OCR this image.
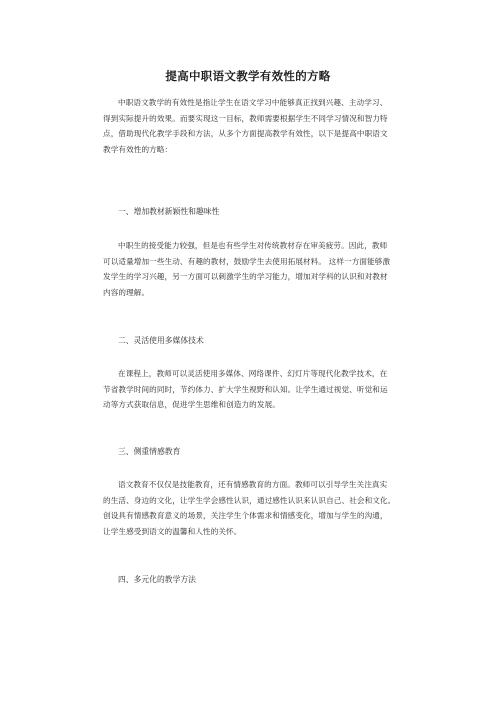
提高中职语文教学有效性的方略
中职语文教学的有效性是指让学生在语文学习中能够真正找到兴趣、主动学习、
得到实际提升的效果。而要实现这一目标，教师需要根据学生不同学习情况和智力特
点，借助现代化教学手段和方法，从多个方面提高教学有效性，以下是提高中职语文
教学有效性的方略：
一、增加教材新颖性和趣味性
中职生的接受能力较强，但是也有些学生对传统教材存在审美疲劳。因此，教师
可以适量增加一些生动、有趣的教材，鼓励学生去使用拓展材料。 这样一方面能够激
发学生的学习兴趣，另一方面可以刺激学生的学习能力，增加对学科的认识和对教材
内容的理解。
二、灵活使用多媒体技术
在课程上，教师可以灵活使用多媒体、网络课件、幻灯片等现代化教学技术，在
节省教学时间的同时，节约体力、扩大学生视野和认知。让学生通过视觉、听觉和运
动等方式获取信息，促进学生思维和创造力的发展。
三、侧重情感教育
语文教育不仅仅是技能教育，还有情感教育的方面。教师可以引导学生关注真实
的生活、身边的文化，让学生学会感性认识，通过感性认识来认识自己、社会和文化。
创设具有情感教育意义的场景，关注学生个体需求和情感变化，增加与学生的沟通，
让学生感受到语文的温馨和人性的关怀。
四、多元化的教学方法
